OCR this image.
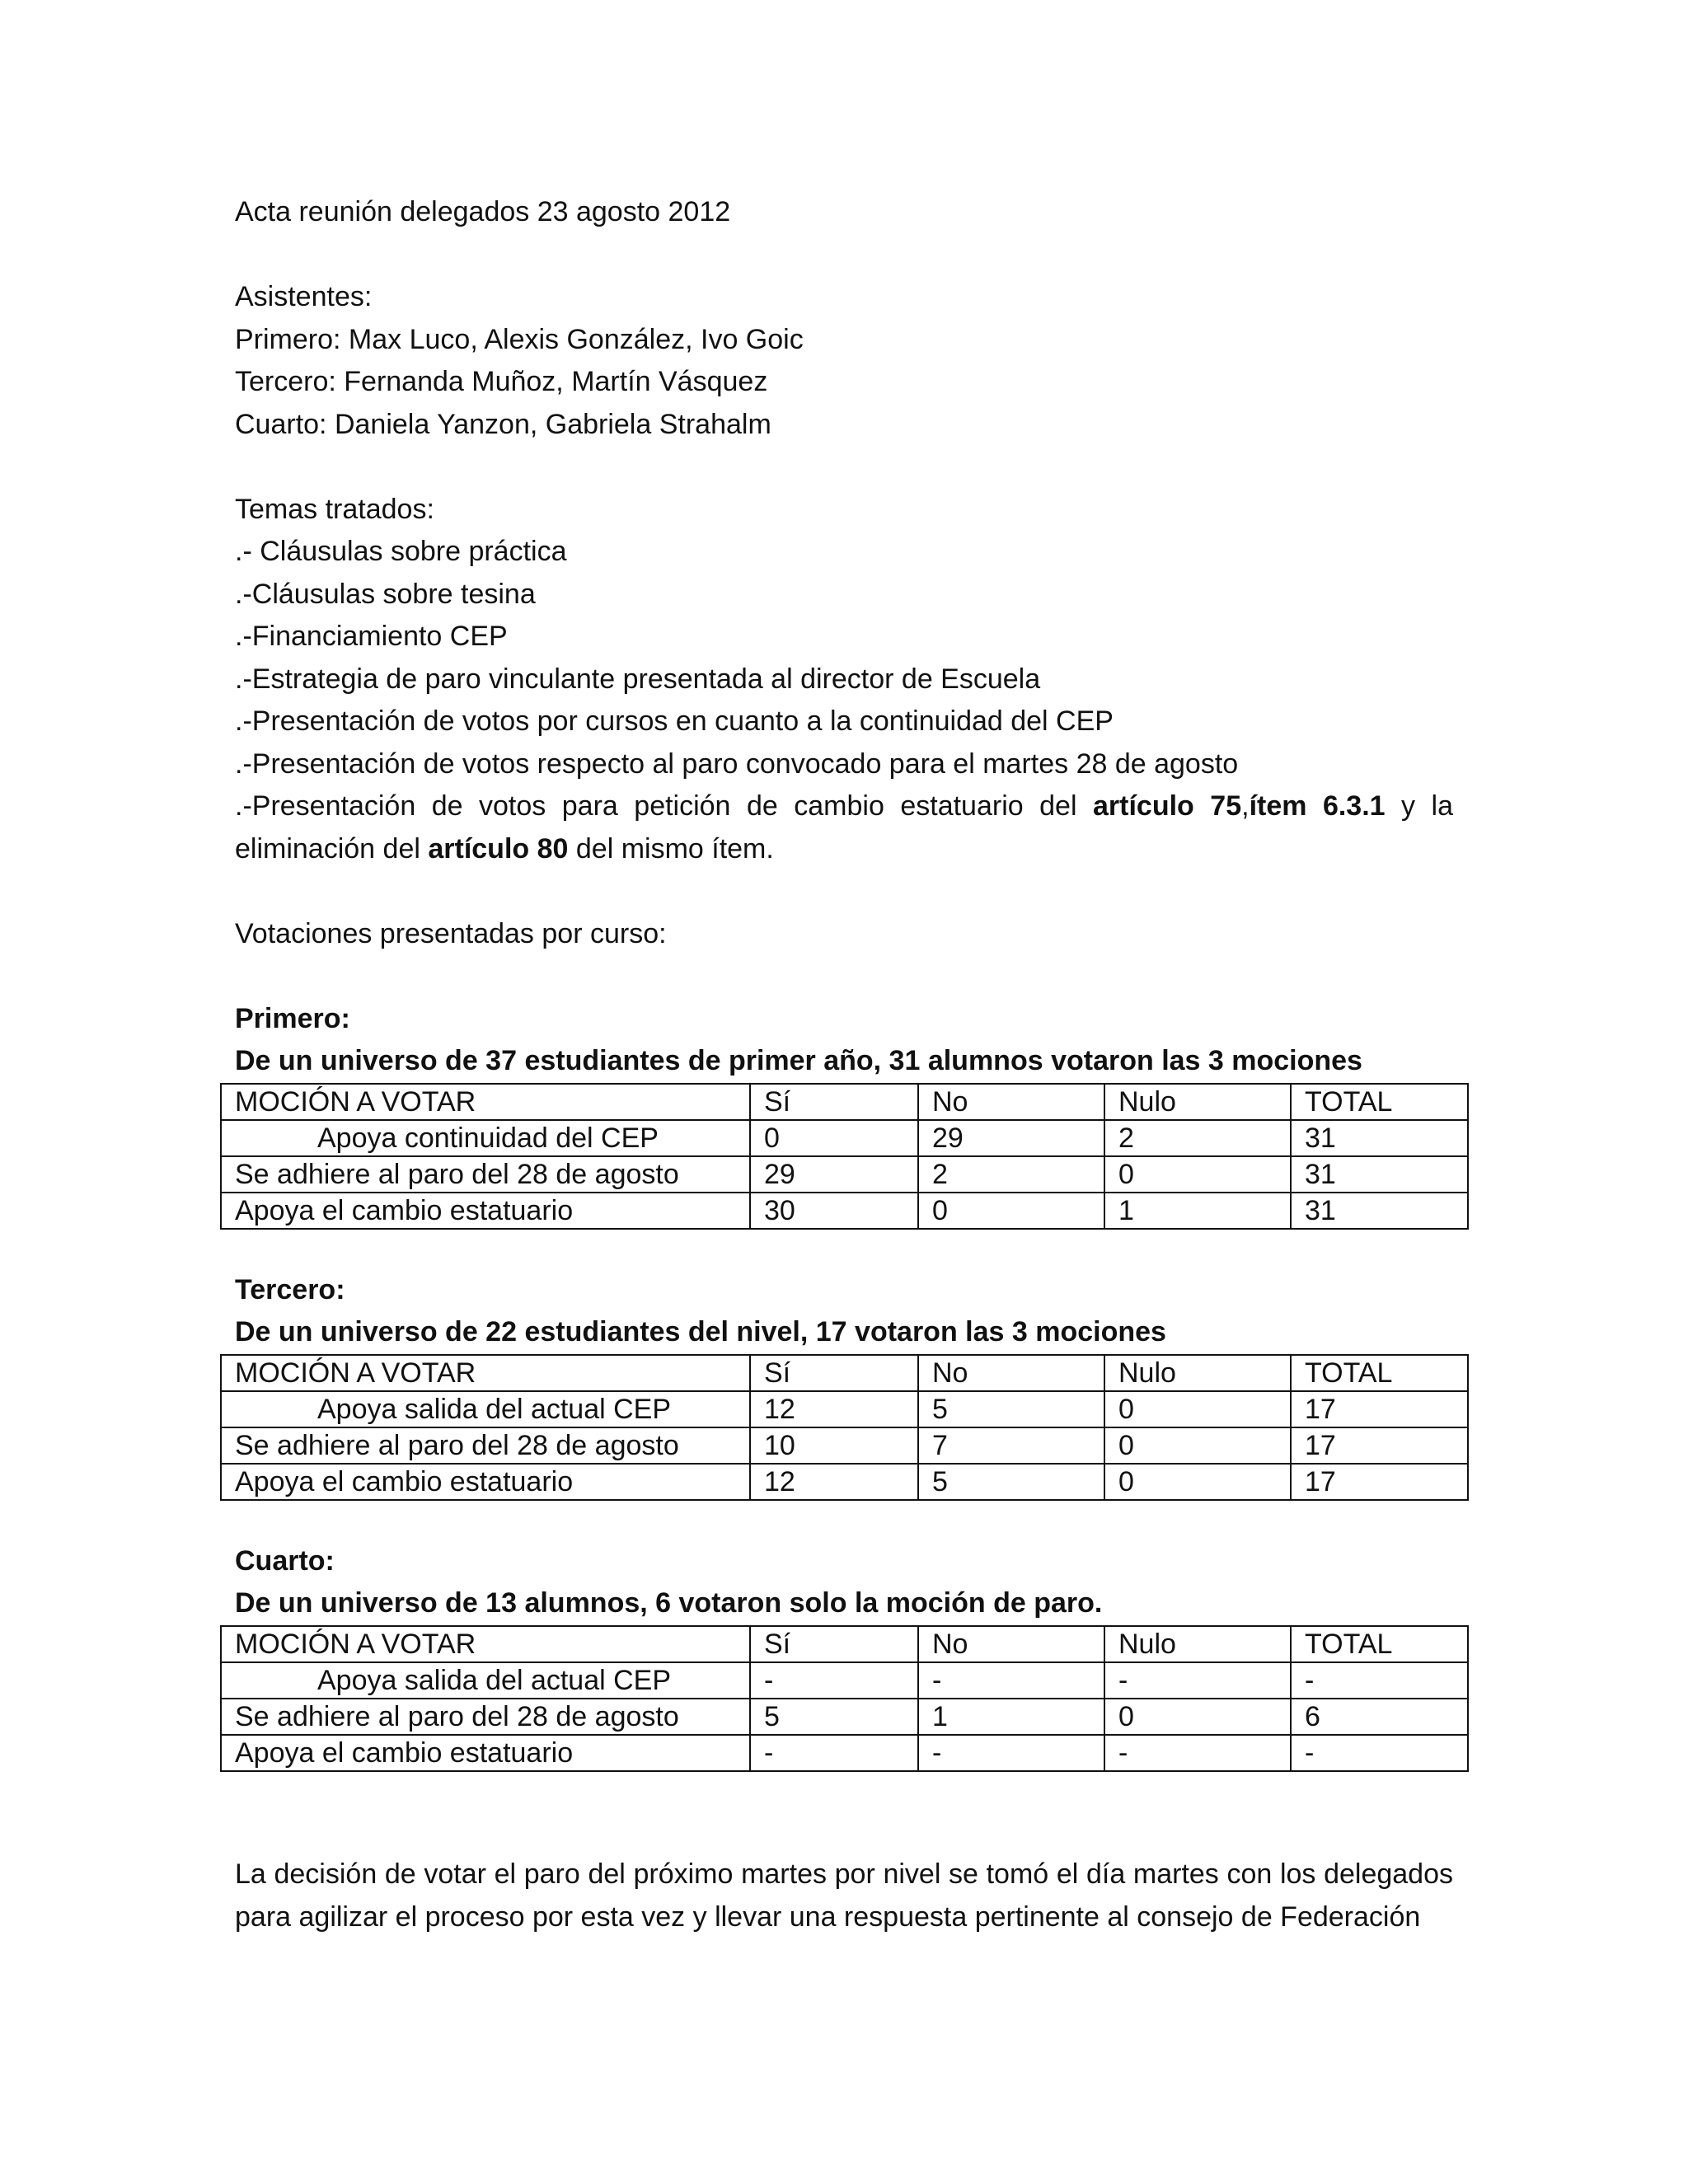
Acta reunión delegados 23 agosto 2012

Asistentes:

Primero: Max Luco, Alexis González, Ivo Goic

Tercero: Fernanda Muñoz, Martín Vásquez

Cuarto: Daniela Yanzon, Gabriela Strahalm

Temas tratados:

.- Cláusulas sobre práctica

.-Cláusulas sobre tesina

.-Financiamiento CEP

.-Estrategia de paro vinculante presentada al director de Escuela

.-Presentación de votos por cursos en cuanto a la continuidad del CEP

.-Presentación de votos respecto al paro convocado para el martes 28 de agosto

.-Presentación de votos para petición de cambio estatuario del artículo 75,ítem 6.3.1 y la eliminación del artículo 80 del mismo ítem.

Votaciones presentadas por curso:

Primero:

De un universo de 37 estudiantes de primer año, 31 alumnos votaron las 3 mociones

MOCIÓN A VOTAR	Sí	No	Nulo	TOTAL
Apoya continuidad del CEP	0	29	2	31
Se adhiere al paro del 28 de agosto	29	2	0	31
Apoya el cambio estatuario	30	0	1	31

Tercero:

De un universo de 22 estudiantes del nivel, 17 votaron las 3 mociones

MOCIÓN A VOTAR	Sí	No	Nulo	TOTAL
Apoya salida del actual CEP	12	5	0	17
Se adhiere al paro del 28 de agosto	10	7	0	17
Apoya el cambio estatuario	12	5	0	17

Cuarto:

De un universo de 13 alumnos, 6 votaron solo la moción de paro.

MOCIÓN A VOTAR	Sí	No	Nulo	TOTAL
Apoya salida del actual CEP	-	-	-	-
Se adhiere al paro del 28 de agosto	5	1	0	6
Apoya el cambio estatuario	-	-	-	-

La decisión de votar el paro del próximo martes por nivel se tomó el día martes con los delegados para agilizar el proceso por esta vez y llevar una respuesta pertinente al consejo de Federación
